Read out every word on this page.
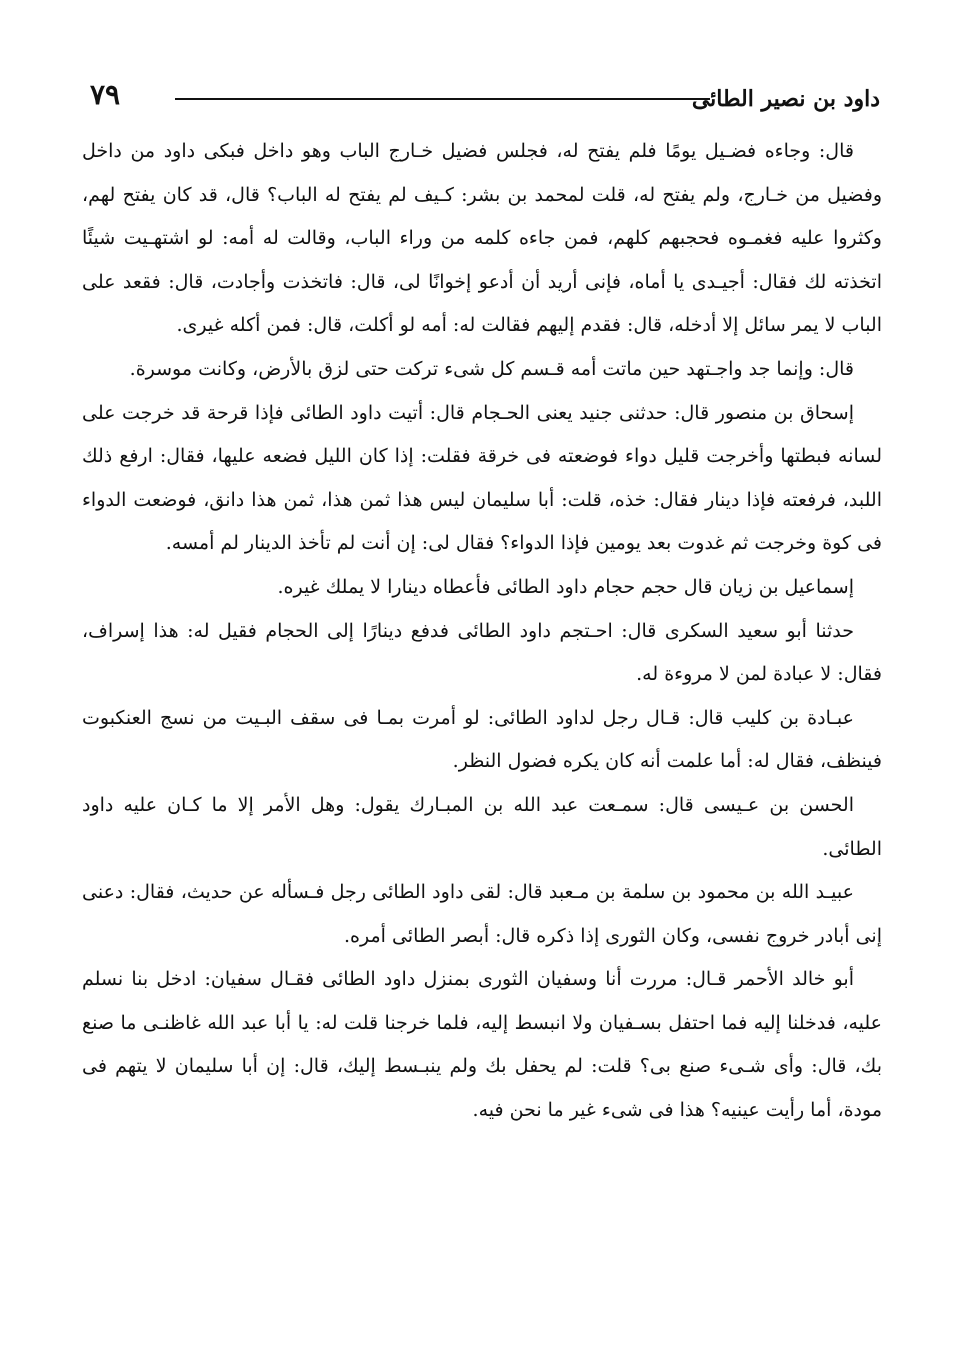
داود بن نصير الطائى
٧٩

قال: وجاءه فضـيل يومًا فلم يفتح له، فجلس فضيل خـارج الباب وهو داخل فبكى داود من داخل وفضيل من خـارج، ولم يفتح له، قلت لمحمد بن بشر: كـيف لم يفتح له الباب؟ قال، قد كان يفتح لهم، وكثروا عليه فغمـوه فحجبهم كلهم، فمن جاءه كلمه من وراء الباب، وقالت له أمه: لو اشتهـيت شيئًا اتخذته لك فقال: أجيـدى يا أماه، فإنى أريد أن أدعو إخوانًا لى، قال: فاتخذت وأجادت، قال: فقعد على الباب لا يمر سائل إلا أدخله، قال: فقدم إليهم فقالت له: أمه لو أكلت، قال: فمن أكله غيرى.

قال: وإنما جد واجـتهد حين ماتت أمه قـسم كل شىء تركت حتى لزق بالأرض، وكانت موسرة.

إسحاق بن منصور قال: حدثنى جنيد يعنى الحـجام قال: أتيت داود الطائى فإذا قرحة قد خرجت على لسانه فبطتها وأخرجت قليل دواء فوضعته فى خرقة فقلت: إذا كان الليل فضعه عليها، فقال: ارفع ذلك اللبد، فرفعته فإذا دينار فقال: خذه، قلت: أبا سليمان ليس هذا ثمن هذا، ثمن هذا دانق، فوضعت الدواء فى كوة وخرجت ثم غدوت بعد يومين فإذا الدواء؟ فقال لى: إن أنت لم تأخذ الدينار لم أمسه.

إسماعيل بن زيان قال حجم حجام داود الطائى فأعطاه دينارا لا يملك غيره.

حدثنا أبو سعيد السكرى قال: احـتجم داود الطائى فدفع دينارًا إلى الحجام فقيل له: هذا إسراف، فقال: لا عبادة لمن لا مروءة له.

عبـادة بن كليب قال: قـال رجل لداود الطائى: لو أمرت بمـا فى سقف البـيت من نسج العنكبوت فينظف، فقال له: أما علمت أنه كان يكره فضول النظر.

الحسن بن عـيسى قال: سمـعت عبد الله بن المبـارك يقول: وهل الأمر إلا ما كـان عليه داود الطائى.

عبيـد الله بن محمود بن سلمة بن مـعبد قال: لقى داود الطائى رجل فـسأله عن حديث، فقال: دعنى إنى أبادر خروج نفسى، وكان الثورى إذا ذكره قال: أبصر الطائى أمره.

أبو خالد الأحمر قـال: مررت أنا وسفيان الثورى بمنزل داود الطائى فقـال سفيان: ادخل بنا نسلم عليه، فدخلنا إليه فما احتفل بسـفيان ولا انبسط إليه، فلما خرجنا قلت له: يا أبا عبد الله غاظنـى ما صنع بك، قال: وأى شـىء صنع بى؟ قلت: لم يحفل بك ولم ينبـسط إليك، قال: إن أبا سليمان لا يتهم فى مودة، أما رأيت عينيه؟ هذا فى شىء غير ما نحن فيه.
